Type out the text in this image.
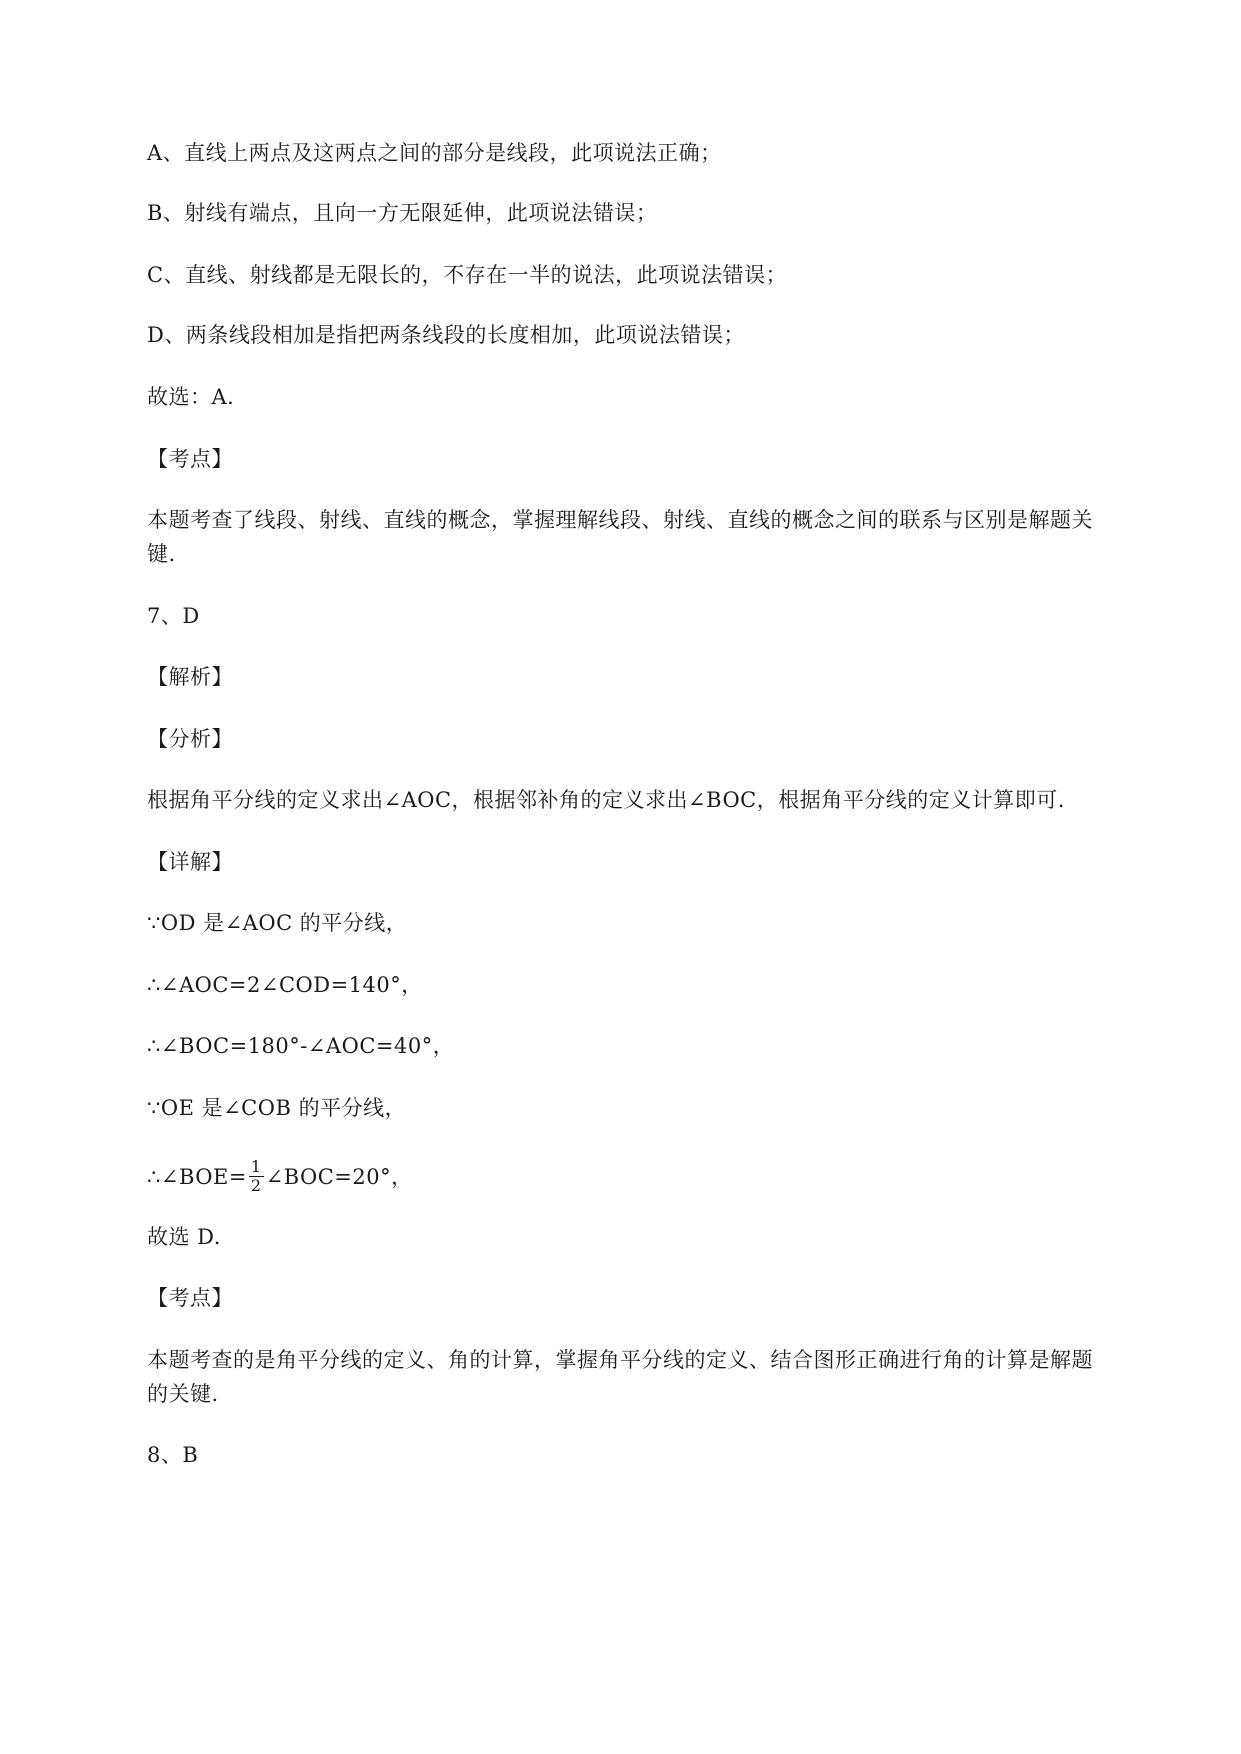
A、直线上两点及这两点之间的部分是线段，此项说法正确；
B、射线有端点，且向一方无限延伸，此项说法错误；
C、直线、射线都是无限长的，不存在一半的说法，此项说法错误；
D、两条线段相加是指把两条线段的长度相加，此项说法错误；
故选：A.
【考点】
本题考查了线段、射线、直线的概念，掌握理解线段、射线、直线的概念之间的联系与区别是解题关
键.
7、D
【解析】
【分析】
根据角平分线的定义求出∠AOC，根据邻补角的定义求出∠BOC，根据角平分线的定义计算即可.
【详解】
∵OD 是∠AOC 的平分线，
∴∠AOC=2∠COD=140°，
∴∠BOC=180°-∠AOC=40°，
∵OE 是∠COB 的平分线，
∴∠BOE= $\frac{1}{2}$ ∠BOC=20°，
故选 D.
【考点】
本题考查的是角平分线的定义、角的计算，掌握角平分线的定义、结合图形正确进行角的计算是解题
的关键.
8、B
